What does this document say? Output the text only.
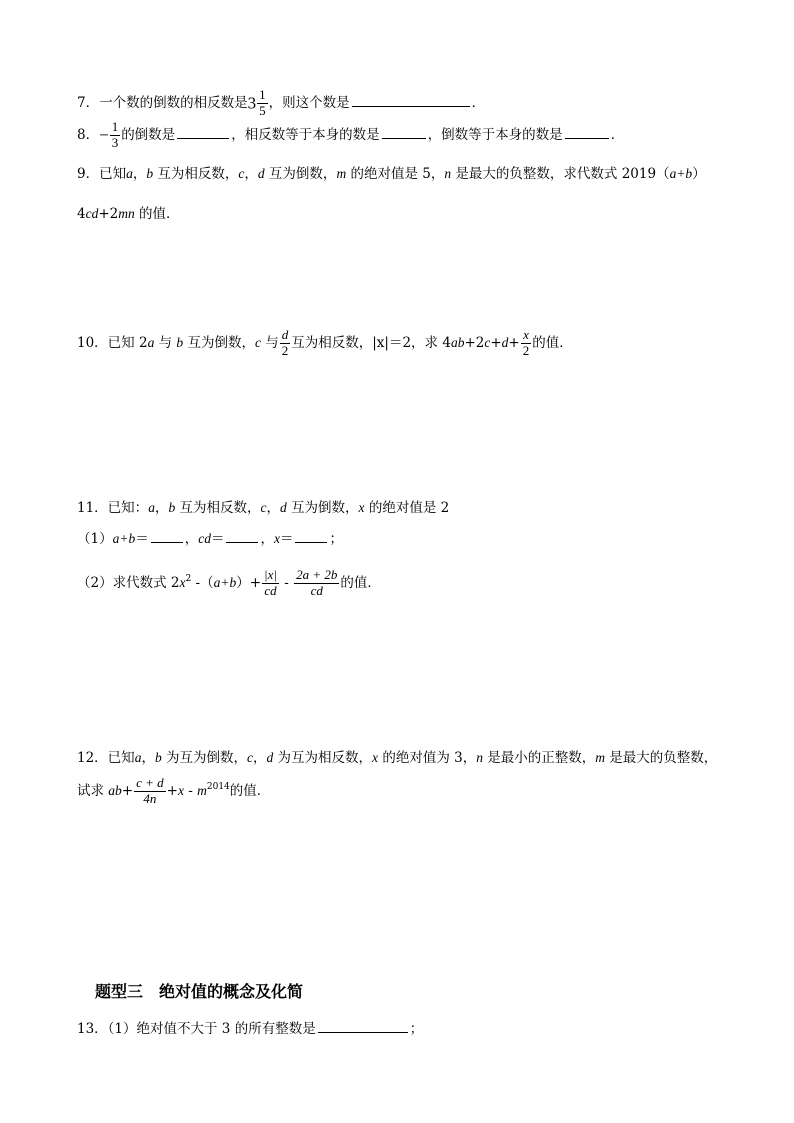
7．一个数的倒数的相反数是$3 \frac{1}{5}$ ，则这个数是	．
8．− $\frac{1}{3}$ 的倒数是	，相反数等于本身的数是	，倒数等于本身的数是	．
9．已知a，b 互为相反数，c，d 互为倒数，m 的绝对值是 5，n 是最大的负整数，求代数式 2019（a+b）
4cd+2mn 的值．
10．已知 2a 与 b 互为倒数，c 与 $\frac{d}{2}$ 互为相反数，|x|＝2，求 $4ab+2c+d+ \frac{x}{2}$ 的值．
11．已知：a，b 互为相反数，c，d 互为倒数，x 的绝对值是 2
（1）a+b＝	，cd＝	，x＝	；
（2）求代数式 $2x^2$ $-(a+b)+ \frac{|x|}{cd} - \frac{2a + 2b}{cd}$ 的值．
12．已知a，b 为互为倒数，c，d 为互为相反数，x 的绝对值为 3，n 是最小的正整数，m 是最大的负整数，
试求 $ab+ \frac{c + d}{4n} +x - m^{2014}$的值．
题型三　绝对值的概念及化简
13．（1）绝对值不大于 3 的所有整数是	；
